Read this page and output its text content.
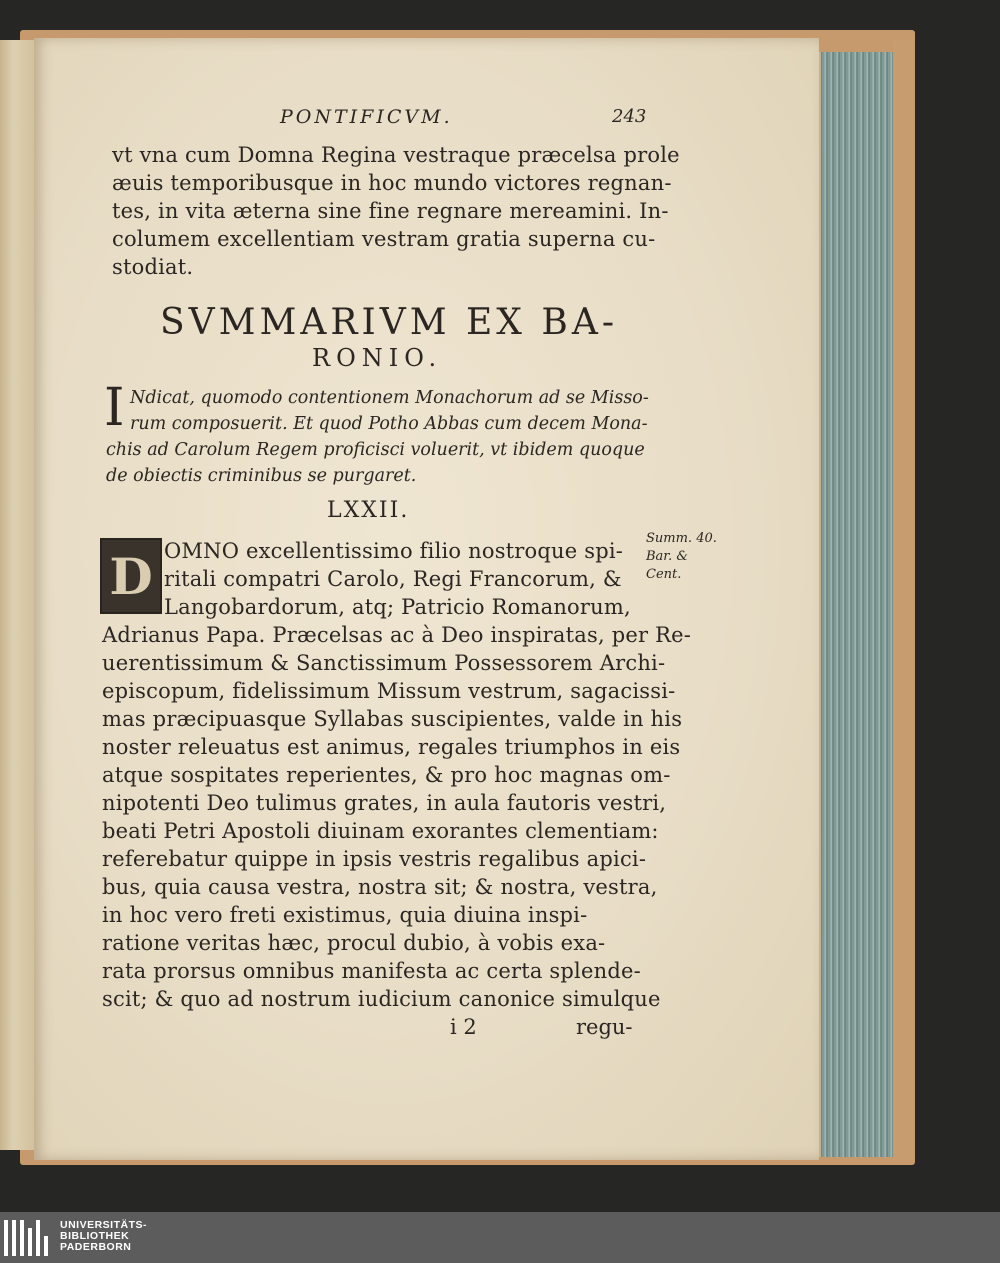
PONTIFICVM.	243
vt vna cum Domna Regina vestraque præcelsa prole
æuis temporibusque in hoc mundo victores regnan-
tes, in vita æterna sine fine regnare mereamini. In-
columem excellentiam vestram gratia superna cu-
stodiat.
SVMMARIVM EX BA-
RONIO.
I Ndicat, quomodo contentionem Monachorum ad se Misso-
rum composuerit. Et quod Potho Abbas cum decem Mona-
chis ad Carolum Regem proficisci voluerit, vt ibidem quoque
de obiectis criminibus se purgaret.
LXXII.
D OMNO excellentissimo filio nostroque spi-
ritali compatri Carolo, Regi Francorum, &
Langobardorum, atq; Patricio Romanorum,
Adrianus Papa. Præcelsas ac à Deo inspiratas, per Re-
uerentissimum & Sanctissimum Possessorem Archi-
episcopum, fidelissimum Missum vestrum, sagacissi-
mas præcipuasque Syllabas suscipientes, valde in his
noster releuatus est animus, regales triumphos in eis
atque sospitates reperientes, & pro hoc magnas om-
nipotenti Deo tulimus grates, in aula fautoris vestri,
beati Petri Apostoli diuinam exorantes clementiam:
referebatur quippe in ipsis vestris regalibus apici-
bus, quia causa vestra, nostra sit; & nostra, vestra,
in hoc vero freti existimus, quia diuina inspi-
ratione veritas hæc, procul dubio, à vobis exa-
rata prorsus omnibus manifesta ac certa splende-
scit; & quo ad nostrum iudicium canonice simulque
i 2	regu-
Summ. 40.
Bar. &
Cent.
UNIVERSITÄTS-
BIBLIOTHEK
PADERBORN
